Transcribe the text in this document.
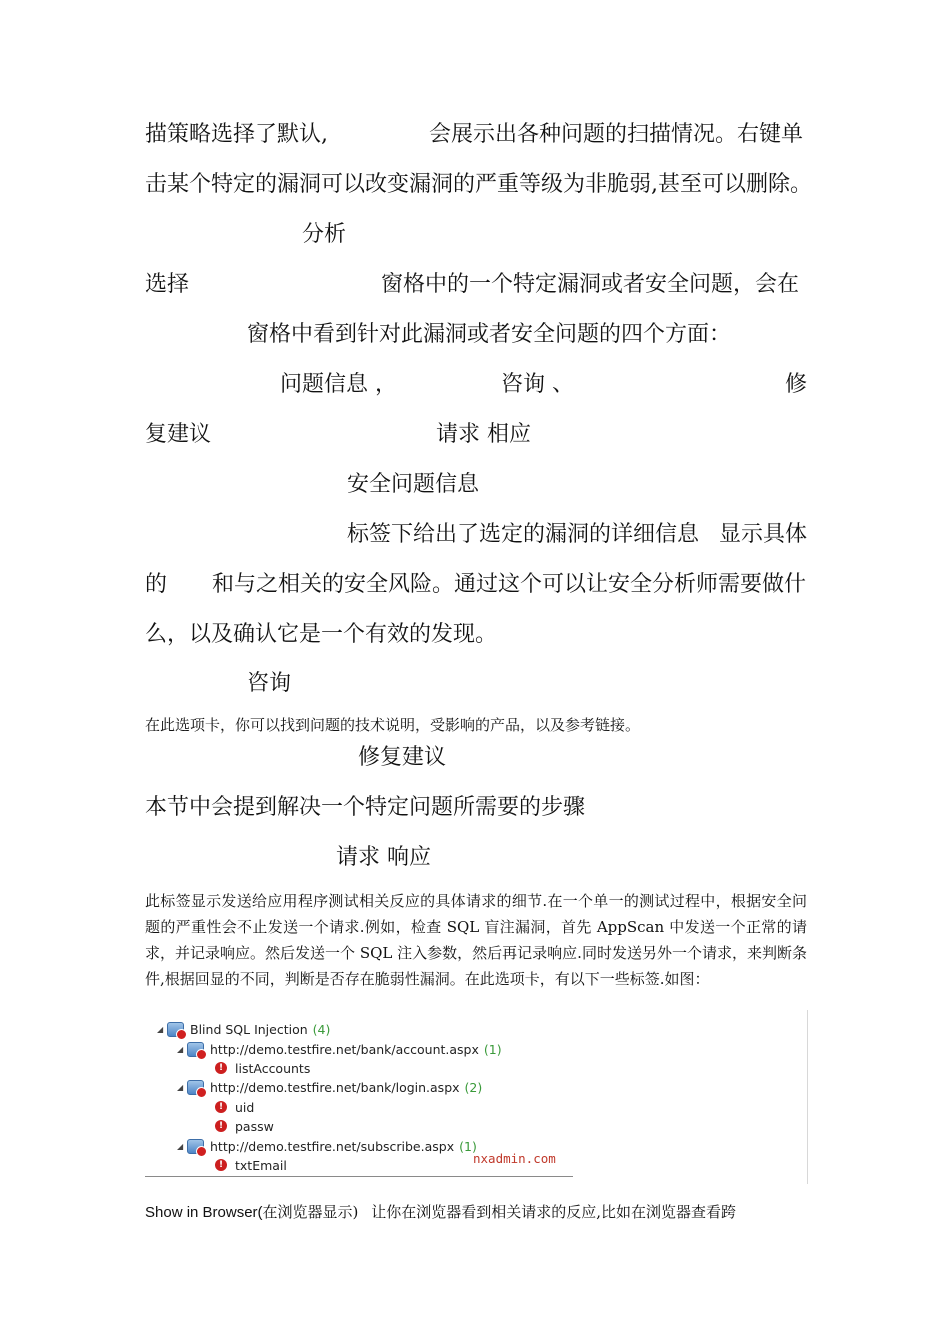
描策略选择了默认,	会展示出各种问题的扫描情况。右键单
击某个特定的漏洞可以改变漏洞的严重等级为非脆弱,甚至可以删除。
分析
选择	窗格中的一个特定漏洞或者安全问题，会在
窗格中看到针对此漏洞或者安全问题的四个方面：
问题信息 ，	咨询 、	修
复建议	请求 相应
安全问题信息
标签下给出了选定的漏洞的详细信息 显示具体
的 和与之相关的安全风险。通过这个可以让安全分析师需要做什
么，以及确认它是一个有效的发现。
咨询
在此选项卡，你可以找到问题的技术说明，受影响的产品，以及参考链接。
修复建议
本节中会提到解决一个特定问题所需要的步骤
请求 响应
此标签显示发送给应用程序测试相关反应的具体请求的细节.在一个单一的测试过程中，根据安全问题的严重性会不止发送一个请求.例如，检查 SQL 盲注漏洞，首先 AppScan 中发送一个正常的请求，并记录响应。然后发送一个 SQL 注入参数，然后再记录响应.同时发送另外一个请求，来判断条件,根据回显的不同，判断是否存在脆弱性漏洞。在此选项卡，有以下一些标签.如图：
◢	Blind SQL Injection (4)
◢	http://demo.testfire.net/bank/account.aspx (1)
! listAccounts
◢	http://demo.testfire.net/bank/login.aspx (2)
! uid
! passw
◢	http://demo.testfire.net/subscribe.aspx (1)
! txtEmail	nxadmin.com
Show in Browser(在浏览器显示) 让你在浏览器看到相关请求的反应,比如在浏览器查看跨
